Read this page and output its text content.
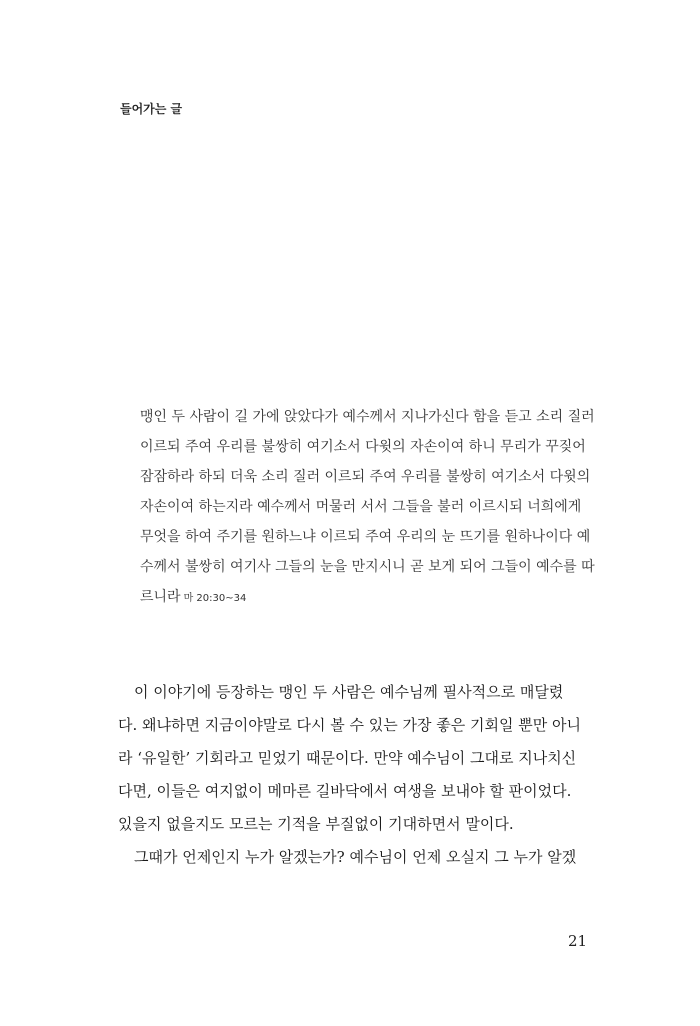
들어가는 글
맹인 두 사람이 길 가에 앉았다가 예수께서 지나가신다 함을 듣고 소리 질러
이르되 주여 우리를 불쌍히 여기소서 다윗의 자손이여 하니 무리가 꾸짖어
잠잠하라 하되 더욱 소리 질러 이르되 주여 우리를 불쌍히 여기소서 다윗의
자손이여 하는지라 예수께서 머물러 서서 그들을 불러 이르시되 너희에게
무엇을 하여 주기를 원하느냐 이르되 주여 우리의 눈 뜨기를 원하나이다 예
수께서 불쌍히 여기사 그들의 눈을 만지시니 곧 보게 되어 그들이 예수를 따
르니라 마 20:30~34
이 이야기에 등장하는 맹인 두 사람은 예수님께 필사적으로 매달렸
다. 왜냐하면 지금이야말로 다시 볼 수 있는 가장 좋은 기회일 뿐만 아니
라 ‘유일한’ 기회라고 믿었기 때문이다. 만약 예수님이 그대로 지나치신
다면, 이들은 여지없이 메마른 길바닥에서 여생을 보내야 할 판이었다.
있을지 없을지도 모르는 기적을 부질없이 기대하면서 말이다.
그때가 언제인지 누가 알겠는가? 예수님이 언제 오실지 그 누가 알겠
21
